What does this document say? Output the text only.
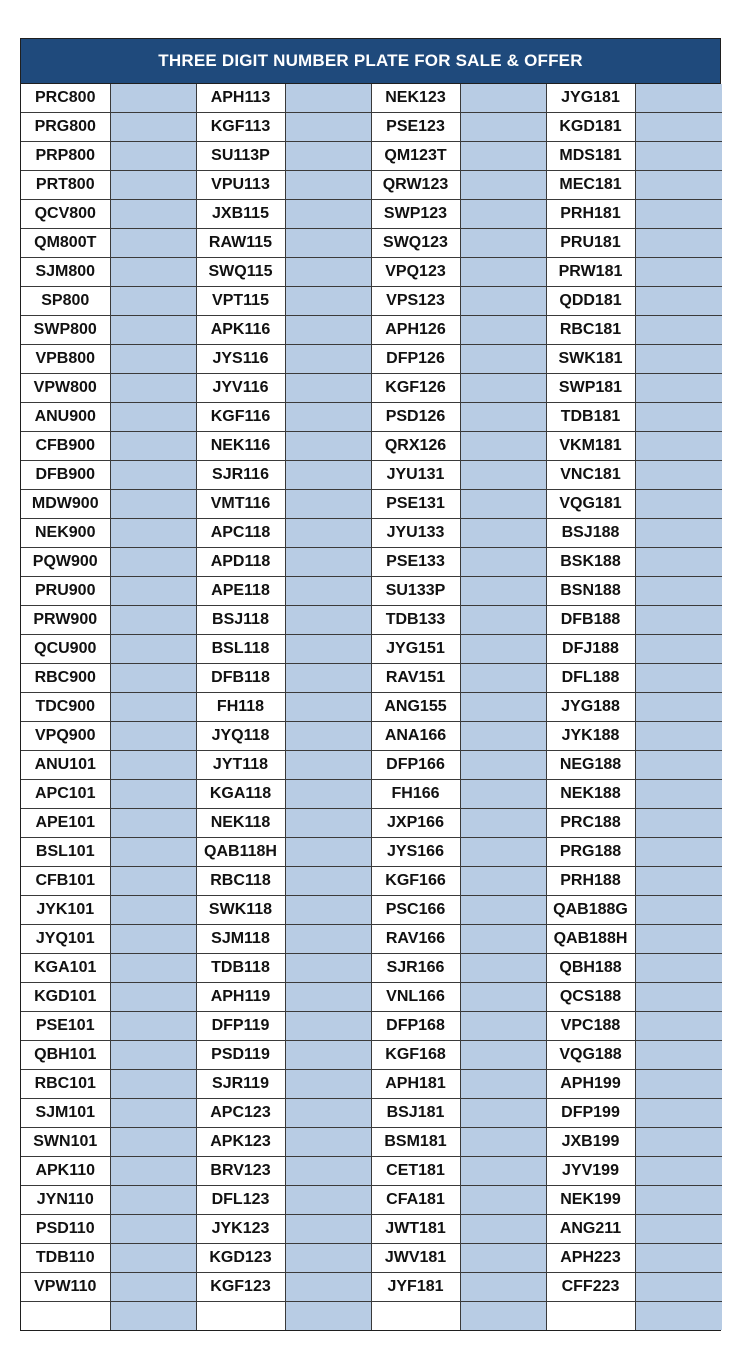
THREE DIGIT NUMBER PLATE FOR SALE & OFFER
PRC800		APH113		NEK123		JYG181	
PRG800		KGF113		PSE123		KGD181	
PRP800		SU113P		QM123T		MDS181	
PRT800		VPU113		QRW123		MEC181	
QCV800		JXB115		SWP123		PRH181	
QM800T		RAW115		SWQ123		PRU181	
SJM800		SWQ115		VPQ123		PRW181	
SP800		VPT115		VPS123		QDD181	
SWP800		APK116		APH126		RBC181	
VPB800		JYS116		DFP126		SWK181	
VPW800		JYV116		KGF126		SWP181	
ANU900		KGF116		PSD126		TDB181	
CFB900		NEK116		QRX126		VKM181	
DFB900		SJR116		JYU131		VNC181	
MDW900		VMT116		PSE131		VQG181	
NEK900		APC118		JYU133		BSJ188	
PQW900		APD118		PSE133		BSK188	
PRU900		APE118		SU133P		BSN188	
PRW900		BSJ118		TDB133		DFB188	
QCU900		BSL118		JYG151		DFJ188	
RBC900		DFB118		RAV151		DFL188	
TDC900		FH118		ANG155		JYG188	
VPQ900		JYQ118		ANA166		JYK188	
ANU101		JYT118		DFP166		NEG188	
APC101		KGA118		FH166		NEK188	
APE101		NEK118		JXP166		PRC188	
BSL101		QAB118H		JYS166		PRG188	
CFB101		RBC118		KGF166		PRH188	
JYK101		SWK118		PSC166		QAB188G	
JYQ101		SJM118		RAV166		QAB188H	
KGA101		TDB118		SJR166		QBH188	
KGD101		APH119		VNL166		QCS188	
PSE101		DFP119		DFP168		VPC188	
QBH101		PSD119		KGF168		VQG188	
RBC101		SJR119		APH181		APH199	
SJM101		APC123		BSJ181		DFP199	
SWN101		APK123		BSM181		JXB199	
APK110		BRV123		CET181		JYV199	
JYN110		DFL123		CFA181		NEK199	
PSD110		JYK123		JWT181		ANG211	
TDB110		KGD123		JWV181		APH223	
VPW110		KGF123		JYF181		CFF223	
